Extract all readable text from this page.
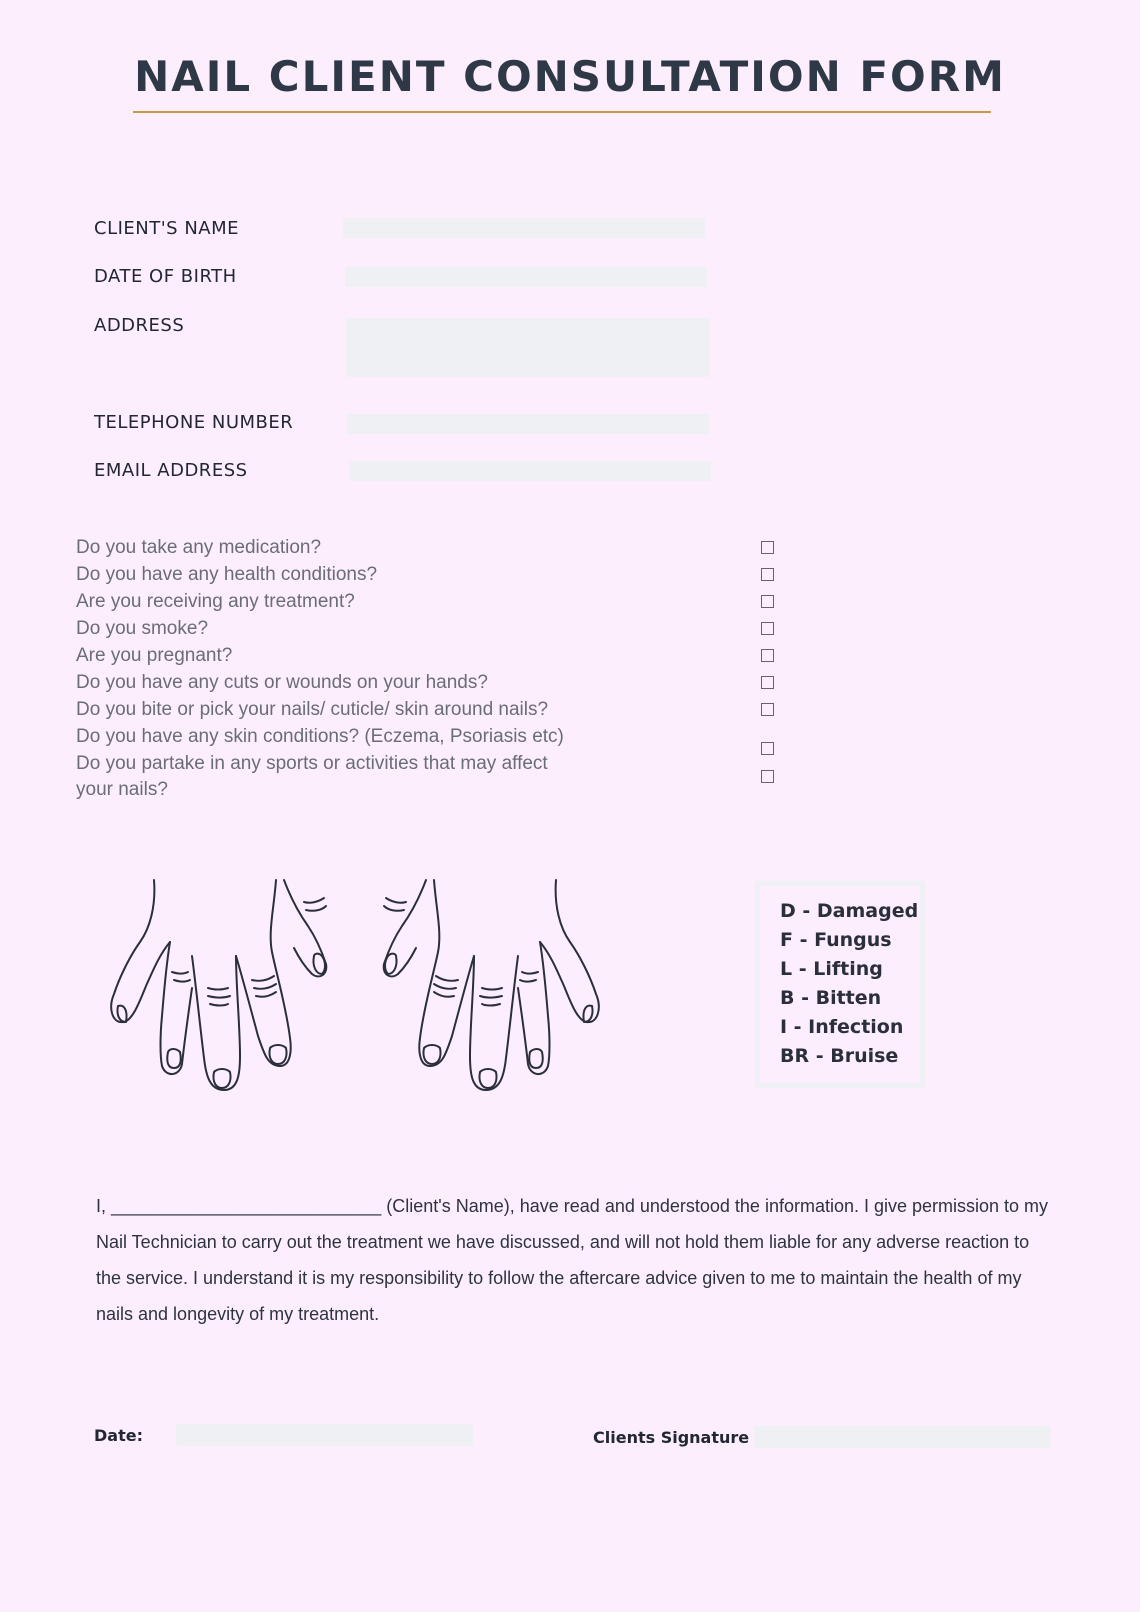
NAIL CLIENT CONSULTATION FORM
CLIENT'S NAME
DATE OF BIRTH
ADDRESS
TELEPHONE NUMBER
EMAIL ADDRESS
Do you take any medication?
Do you have any health conditions?
Are you receiving any treatment?
Do you smoke?
Are you pregnant?
Do you have any cuts or wounds on your hands?
Do you bite or pick your nails/ cuticle/ skin around nails?
Do you have any skin conditions? (Eczema, Psoriasis etc)
Do you partake in any sports or activities that may affect your nails?
D - Damaged
F - Fungus
L - Lifting
B - Bitten
I - Infection
BR - Bruise
I, ___________________________ (Client's Name), have read and understood the information. I give permission to my Nail Technician to carry out the treatment we have discussed, and will not hold them liable for any adverse reaction to the service. I understand it is my responsibility to follow the aftercare advice given to me to maintain the health of my nails and longevity of my treatment.
Date:	Clients Signature
